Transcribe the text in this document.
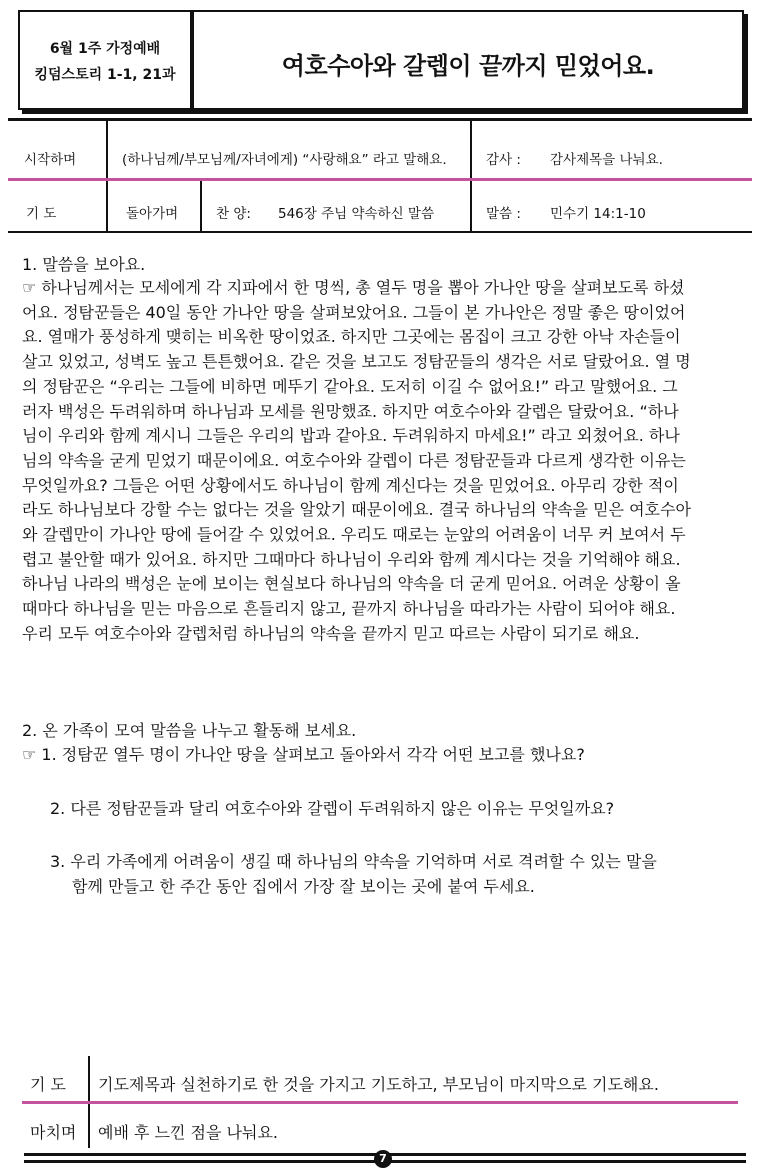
6월 1주 가정예배
킹덤스토리 1-1, 21과	여호수아와 갈렙이 끝까지 믿었어요.
시작하며	(하나님께/부모님께/자녀에게) “사랑해요” 라고 말해요.	감사 : 감사제목을 나눠요.
기 도	돌아가며	찬 양: 546장 주님 약속하신 말씀	말씀 : 민수기 14:1-10
1. 말씀을 보아요.
☞ 하나님께서는 모세에게 각 지파에서 한 명씩, 총 열두 명을 뽑아 가나안 땅을 살펴보도록 하셨
어요. 정탐꾼들은 40일 동안 가나안 땅을 살펴보았어요. 그들이 본 가나안은 정말 좋은 땅이었어
요. 열매가 풍성하게 맺히는 비옥한 땅이었죠. 하지만 그곳에는 몸집이 크고 강한 아낙 자손들이
살고 있었고, 성벽도 높고 튼튼했어요. 같은 것을 보고도 정탐꾼들의 생각은 서로 달랐어요. 열 명
의 정탐꾼은 “우리는 그들에 비하면 메뚜기 같아요. 도저히 이길 수 없어요!” 라고 말했어요. 그
러자 백성은 두려워하며 하나님과 모세를 원망했죠. 하지만 여호수아와 갈렙은 달랐어요. “하나
님이 우리와 함께 계시니 그들은 우리의 밥과 같아요. 두려워하지 마세요!” 라고 외쳤어요. 하나
님의 약속을 굳게 믿었기 때문이에요. 여호수아와 갈렙이 다른 정탐꾼들과 다르게 생각한 이유는
무엇일까요? 그들은 어떤 상황에서도 하나님이 함께 계신다는 것을 믿었어요. 아무리 강한 적이
라도 하나님보다 강할 수는 없다는 것을 알았기 때문이에요. 결국 하나님의 약속을 믿은 여호수아
와 갈렙만이 가나안 땅에 들어갈 수 있었어요. 우리도 때로는 눈앞의 어려움이 너무 커 보여서 두
렵고 불안할 때가 있어요. 하지만 그때마다 하나님이 우리와 함께 계시다는 것을 기억해야 해요.
하나님 나라의 백성은 눈에 보이는 현실보다 하나님의 약속을 더 굳게 믿어요. 어려운 상황이 올
때마다 하나님을 믿는 마음으로 흔들리지 않고, 끝까지 하나님을 따라가는 사람이 되어야 해요.
우리 모두 여호수아와 갈렙처럼 하나님의 약속을 끝까지 믿고 따르는 사람이 되기로 해요.
2. 온 가족이 모여 말씀을 나누고 활동해 보세요.
☞ 1. 정탐꾼 열두 명이 가나안 땅을 살펴보고 돌아와서 각각 어떤 보고를 했나요?
2. 다른 정탐꾼들과 달리 여호수아와 갈렙이 두려워하지 않은 이유는 무엇일까요?
3. 우리 가족에게 어려움이 생길 때 하나님의 약속을 기억하며 서로 격려할 수 있는 말을
함께 만들고 한 주간 동안 집에서 가장 잘 보이는 곳에 붙여 두세요.
기 도 기도제목과 실천하기로 한 것을 가지고 기도하고, 부모님이 마지막으로 기도해요.
마치며 예배 후 느낀 점을 나눠요.
7
